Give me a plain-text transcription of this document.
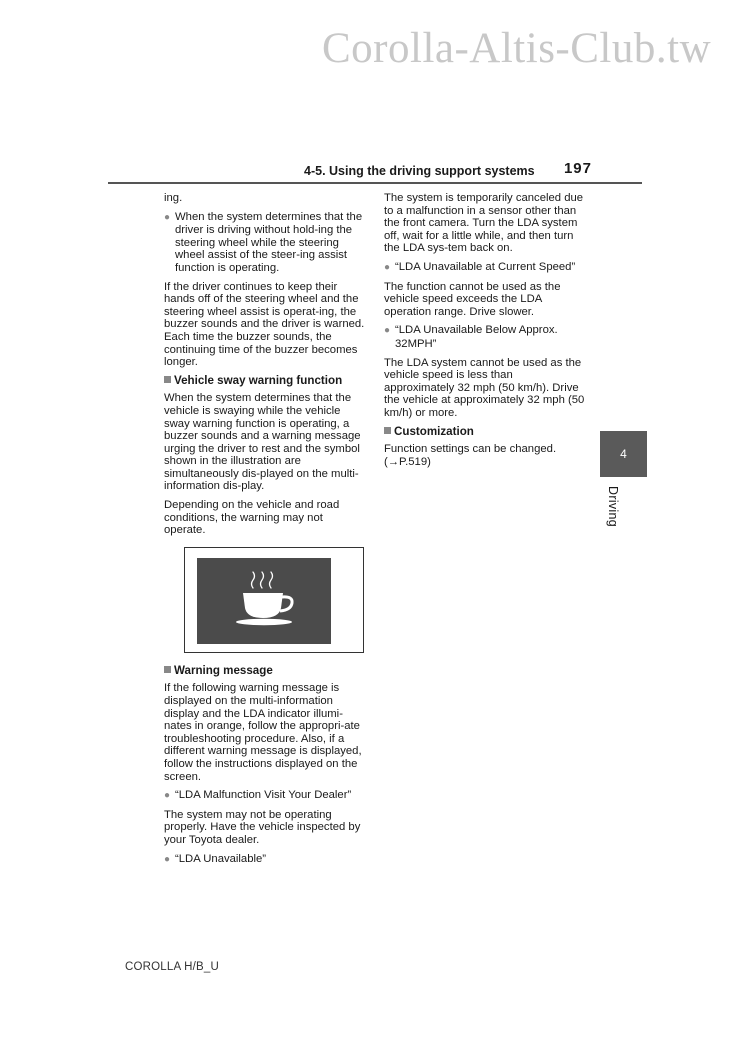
Corolla-Altis-Club.tw
4-5. Using the driving support systems 197

ing.

● When the system determines that the driver is driving without hold-ing the steering wheel while the steering wheel assist of the steer-ing assist function is operating.

If the driver continues to keep their hands off of the steering wheel and the steering wheel assist is operat-ing, the buzzer sounds and the driver is warned. Each time the buzzer sounds, the continuing time of the buzzer becomes longer.

Vehicle sway warning function

When the system determines that the vehicle is swaying while the vehicle sway warning function is operating, a buzzer sounds and a warning message urging the driver to rest and the symbol shown in the illustration are simultaneously dis-played on the multi-information dis-play.

Depending on the vehicle and road conditions, the warning may not operate.

Warning message

If the following warning message is displayed on the multi-information display and the LDA indicator illumi-nates in orange, follow the appropri-ate troubleshooting procedure. Also, if a different warning message is displayed, follow the instructions displayed on the screen.

● “LDA Malfunction Visit Your Dealer”

The system may not be operating properly. Have the vehicle inspected by your Toyota dealer.

● “LDA Unavailable”

The system is temporarily canceled due to a malfunction in a sensor other than the front camera. Turn the LDA system off, wait for a little while, and then turn the LDA sys-tem back on.

● “LDA Unavailable at Current Speed”

The function cannot be used as the vehicle speed exceeds the LDA operation range. Drive slower.

● “LDA Unavailable Below Approx. 32MPH”

The LDA system cannot be used as the vehicle speed is less than approximately 32 mph (50 km/h). Drive the vehicle at approximately 32 mph (50 km/h) or more.

Customization

Function settings can be changed. (→P.519)

4
Driving
COROLLA H/B_U
